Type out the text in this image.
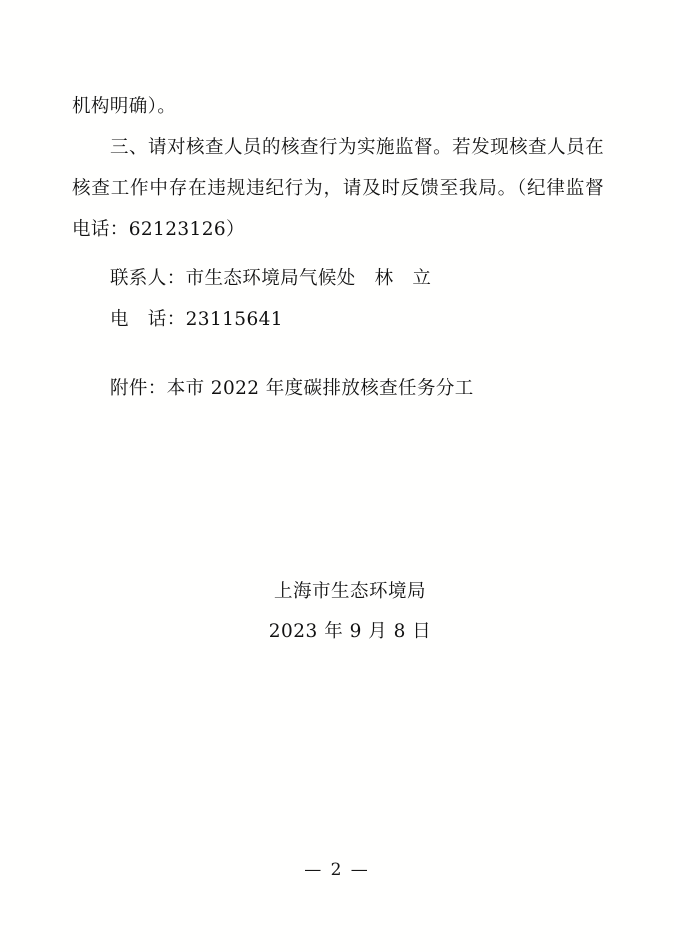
机构明确）。

三、请对核查人员的核查行为实施监督。若发现核查人员在核查工作中存在违规违纪行为，请及时反馈至我局。（纪律监督电话：62123126）

联系人：市生态环境局气候处　林　立

电　话：23115641

附件：本市 2022 年度碳排放核查任务分工

上海市生态环境局
2023 年 9 月 8 日
— 2 —
